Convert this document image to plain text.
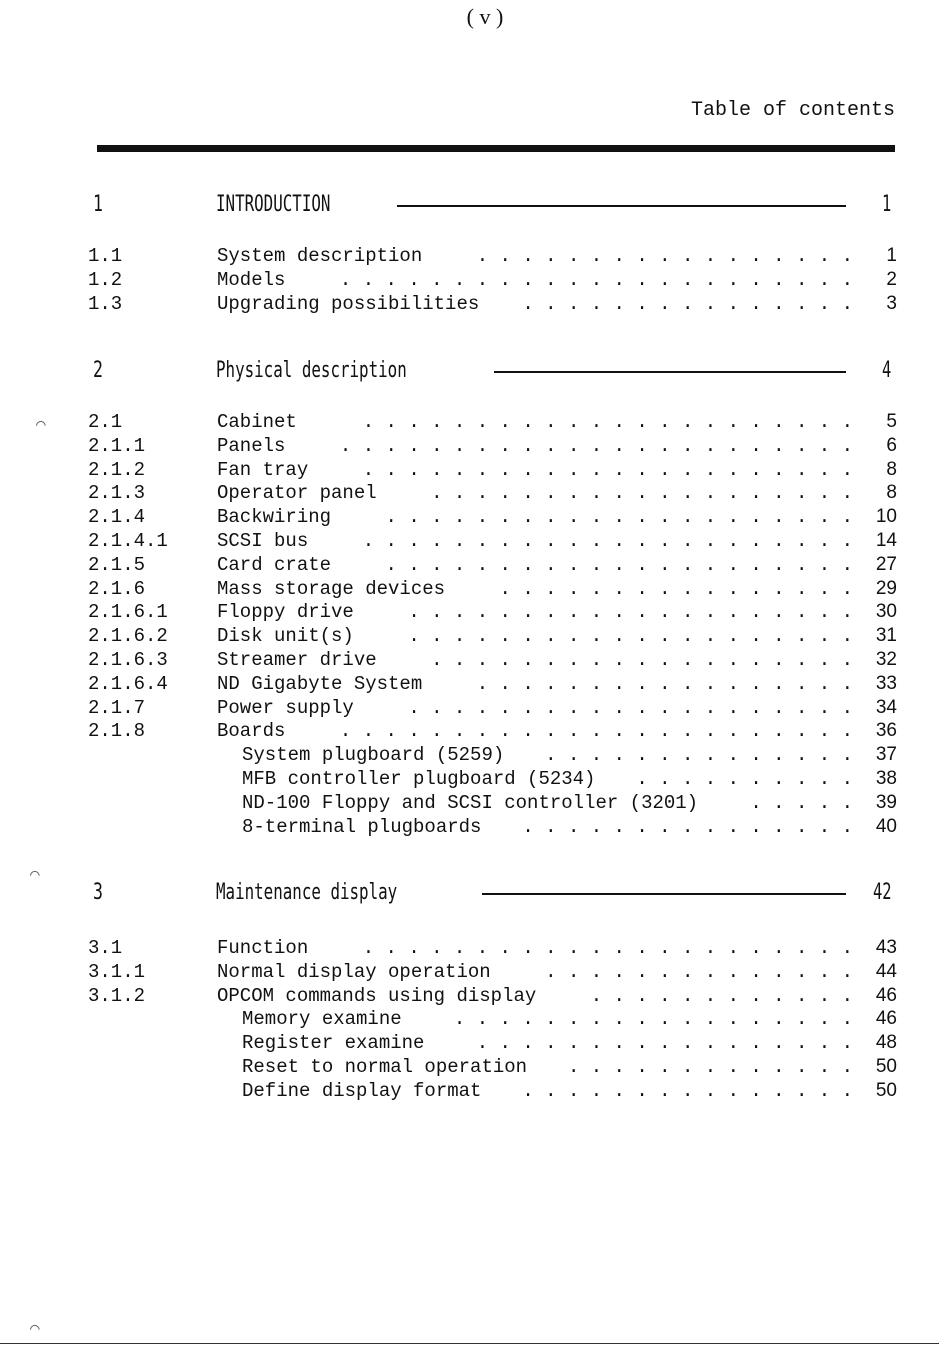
( v )
Table of contents
1	INTRODUCTION	1
1.1	System description	. . . . . . . . . . . . . . . . .	1
1.2	Models	. . . . . . . . . . . . . . . . . . . . . . .	2
1.3	Upgrading possibilities	. . . . . . . . . . . . . . .	3
2	Physical description	4
2.1	Cabinet	. . . . . . . . . . . . . . . . . . . . . .	5
2.1.1	Panels	. . . . . . . . . . . . . . . . . . . . . . .	6
2.1.2	Fan tray	. . . . . . . . . . . . . . . . . . . . . .	8
2.1.3	Operator panel	. . . . . . . . . . . . . . . . . . .	8
2.1.4	Backwiring	. . . . . . . . . . . . . . . . . . . . .	10
2.1.4.1	SCSI bus	. . . . . . . . . . . . . . . . . . . . . .	14
2.1.5	Card crate	. . . . . . . . . . . . . . . . . . . . .	27
2.1.6	Mass storage devices	. . . . . . . . . . . . . . . .	29
2.1.6.1	Floppy drive	. . . . . . . . . . . . . . . . . . . .	30
2.1.6.2	Disk unit(s)	. . . . . . . . . . . . . . . . . . . .	31
2.1.6.3	Streamer drive	. . . . . . . . . . . . . . . . . . .	32
2.1.6.4	ND Gigabyte System	. . . . . . . . . . . . . . . . .	33
2.1.7	Power supply	. . . . . . . . . . . . . . . . . . . .	34
2.1.8	Boards	. . . . . . . . . . . . . . . . . . . . . . .	36
System plugboard (5259)	. . . . . . . . . . . . . .	37
MFB controller plugboard (5234)	. . . . . . . . . .	38
ND-100 Floppy and SCSI controller (3201)	. . . . .	39
8-terminal plugboards	. . . . . . . . . . . . . . .	40
3	Maintenance display	42
3.1	Function	. . . . . . . . . . . . . . . . . . . . . .	43
3.1.1	Normal display operation	. . . . . . . . . . . . . .	44
3.1.2	OPCOM commands using display	. . . . . . . . . . . .	46
Memory examine	. . . . . . . . . . . . . . . . . .	46
Register examine	. . . . . . . . . . . . . . . . .	48
Reset to normal operation	. . . . . . . . . . . . .	50
Define display format	. . . . . . . . . . . . . . .	50
⌒
⌒
⌒
